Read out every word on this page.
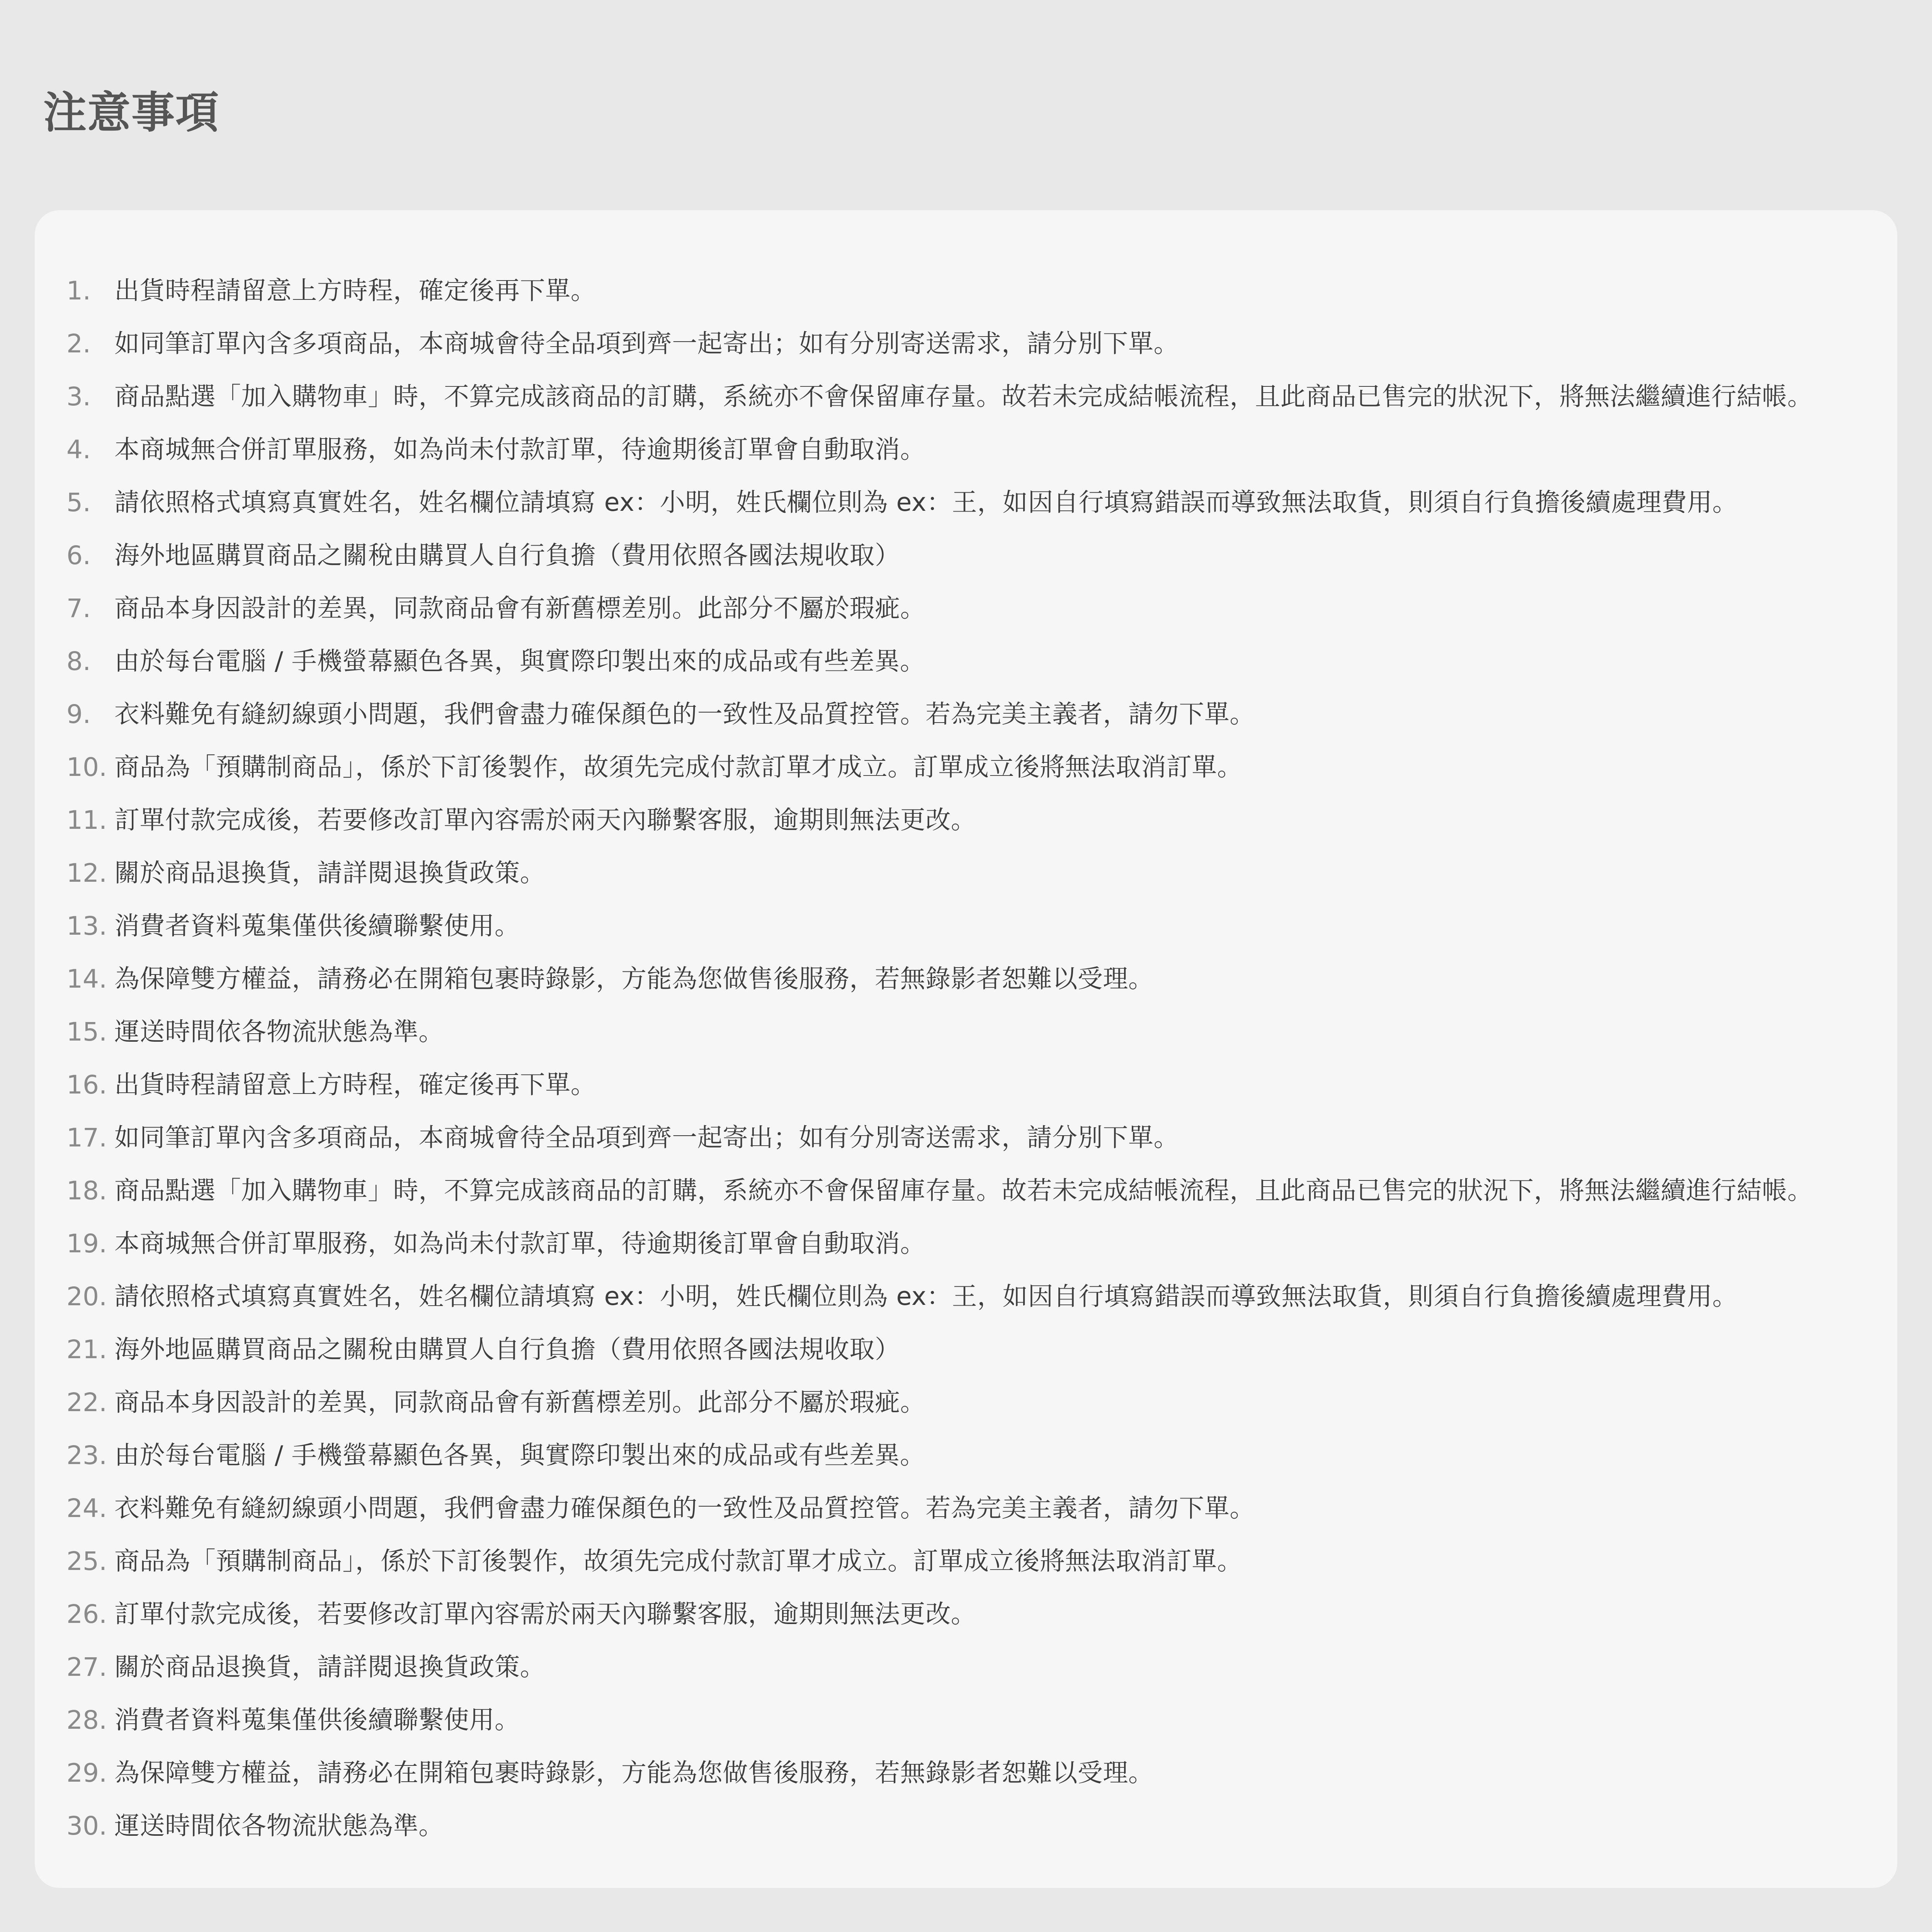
注意事項
1. 出貨時程請留意上方時程，確定後再下單。
2. 如同筆訂單內含多項商品，本商城會待全品項到齊一起寄出；如有分別寄送需求，請分別下單。
3. 商品點選「加入購物車」時，不算完成該商品的訂購，系統亦不會保留庫存量。故若未完成結帳流程，且此商品已售完的狀況下，將無法繼續進行結帳。
4. 本商城無合併訂單服務，如為尚未付款訂單，待逾期後訂單會自動取消。
5. 請依照格式填寫真實姓名，姓名欄位請填寫 ex：小明，姓氏欄位則為 ex：王，如因自行填寫錯誤而導致無法取貨，則須自行負擔後續處理費用。
6. 海外地區購買商品之關稅由購買人自行負擔（費用依照各國法規收取）
7. 商品本身因設計的差異，同款商品會有新舊標差別。此部分不屬於瑕疵。
8. 由於每台電腦 / 手機螢幕顯色各異，與實際印製出來的成品或有些差異。
9. 衣料難免有縫紉線頭小問題，我們會盡力確保顏色的一致性及品質控管。若為完美主義者，請勿下單。
10. 商品為「預購制商品」，係於下訂後製作，故須先完成付款訂單才成立。訂單成立後將無法取消訂單。
11. 訂單付款完成後，若要修改訂單內容需於兩天內聯繫客服，逾期則無法更改。
12. 關於商品退換貨，請詳閱退換貨政策。
13. 消費者資料蒐集僅供後續聯繫使用。
14. 為保障雙方權益，請務必在開箱包裹時錄影，方能為您做售後服務，若無錄影者恕難以受理。
15. 運送時間依各物流狀態為準。
16. 出貨時程請留意上方時程，確定後再下單。
17. 如同筆訂單內含多項商品，本商城會待全品項到齊一起寄出；如有分別寄送需求，請分別下單。
18. 商品點選「加入購物車」時，不算完成該商品的訂購，系統亦不會保留庫存量。故若未完成結帳流程，且此商品已售完的狀況下，將無法繼續進行結帳。
19. 本商城無合併訂單服務，如為尚未付款訂單，待逾期後訂單會自動取消。
20. 請依照格式填寫真實姓名，姓名欄位請填寫 ex：小明，姓氏欄位則為 ex：王，如因自行填寫錯誤而導致無法取貨，則須自行負擔後續處理費用。
21. 海外地區購買商品之關稅由購買人自行負擔（費用依照各國法規收取）
22. 商品本身因設計的差異，同款商品會有新舊標差別。此部分不屬於瑕疵。
23. 由於每台電腦 / 手機螢幕顯色各異，與實際印製出來的成品或有些差異。
24. 衣料難免有縫紉線頭小問題，我們會盡力確保顏色的一致性及品質控管。若為完美主義者，請勿下單。
25. 商品為「預購制商品」，係於下訂後製作，故須先完成付款訂單才成立。訂單成立後將無法取消訂單。
26. 訂單付款完成後，若要修改訂單內容需於兩天內聯繫客服，逾期則無法更改。
27. 關於商品退換貨，請詳閱退換貨政策。
28. 消費者資料蒐集僅供後續聯繫使用。
29. 為保障雙方權益，請務必在開箱包裹時錄影，方能為您做售後服務，若無錄影者恕難以受理。
30. 運送時間依各物流狀態為準。
